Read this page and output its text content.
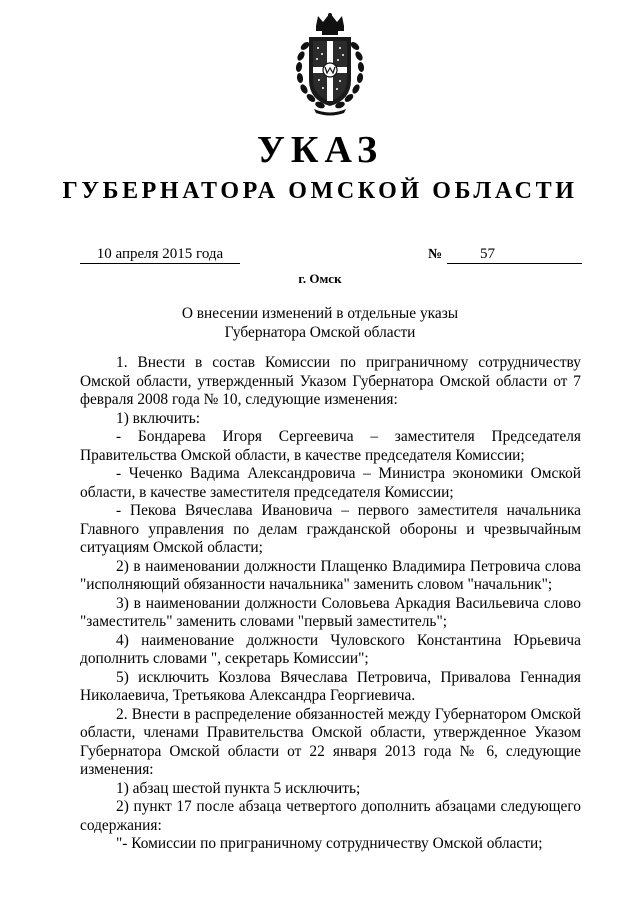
УКАЗ
ГУБЕРНАТОРА ОМСКОЙ ОБЛАСТИ
10 апреля 2015 года	№	57
г. Омск
О внесении изменений в отдельные указы
Губернатора Омской области

1. Внести в состав Комиссии по приграничному сотрудничеству Омской области, утвержденный Указом Губернатора Омской области от 7 февраля 2008 года № 10, следующие изменения:

1) включить:

- Бондарева Игоря Сергеевича – заместителя Председателя Правительства Омской области, в качестве председателя Комиссии;

- Чеченко Вадима Александровича – Министра экономики Омской области, в качестве заместителя председателя Комиссии;

- Пекова Вячеслава Ивановича – первого заместителя начальника Главного управления по делам гражданской обороны и чрезвычайным ситуациям Омской области;

2) в наименовании должности Плащенко Владимира Петровича слова "исполняющий обязанности начальника" заменить словом "начальник";

3) в наименовании должности Соловьева Аркадия Васильевича слово "заместитель" заменить словами "первый заместитель";

4) наименование должности Чуловского Константина Юрьевича дополнить словами ", секретарь Комиссии";

5) исключить Козлова Вячеслава Петровича, Привалова Геннадия Николаевича, Третьякова Александра Георгиевича.

2. Внести в распределение обязанностей между Губернатором Омской области, членами Правительства Омской области, утвержденное Указом Губернатора Омской области от 22 января 2013 года № 6, следующие изменения:

1) абзац шестой пункта 5 исключить;

2) пункт 17 после абзаца четвертого дополнить абзацами следующего содержания:

"- Комиссии по приграничному сотрудничеству Омской области;
